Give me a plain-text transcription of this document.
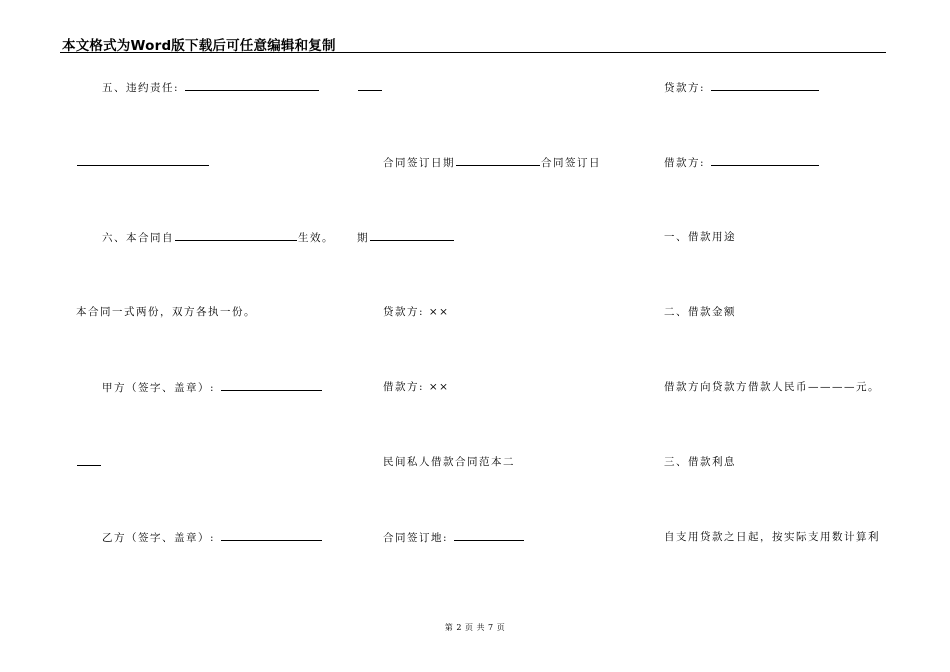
本文格式为Word版下载后可任意编辑和复制
五、违约责任:
六、本合同自	生效。
本合同一式两份，双方各执一份。
甲方（签字、盖章）:
乙方（签字、盖章）:
合同签订日期	合同签订日
期
贷款方: ××
借款方: ××
民间私人借款合同范本二
合同签订地:
贷款方:
借款方:
一、借款用途
二、借款金额
借款方向贷款方借款人民币————元。
三、借款利息
自支用贷款之日起，按实际支用数计算利
第 2 页 共 7 页
